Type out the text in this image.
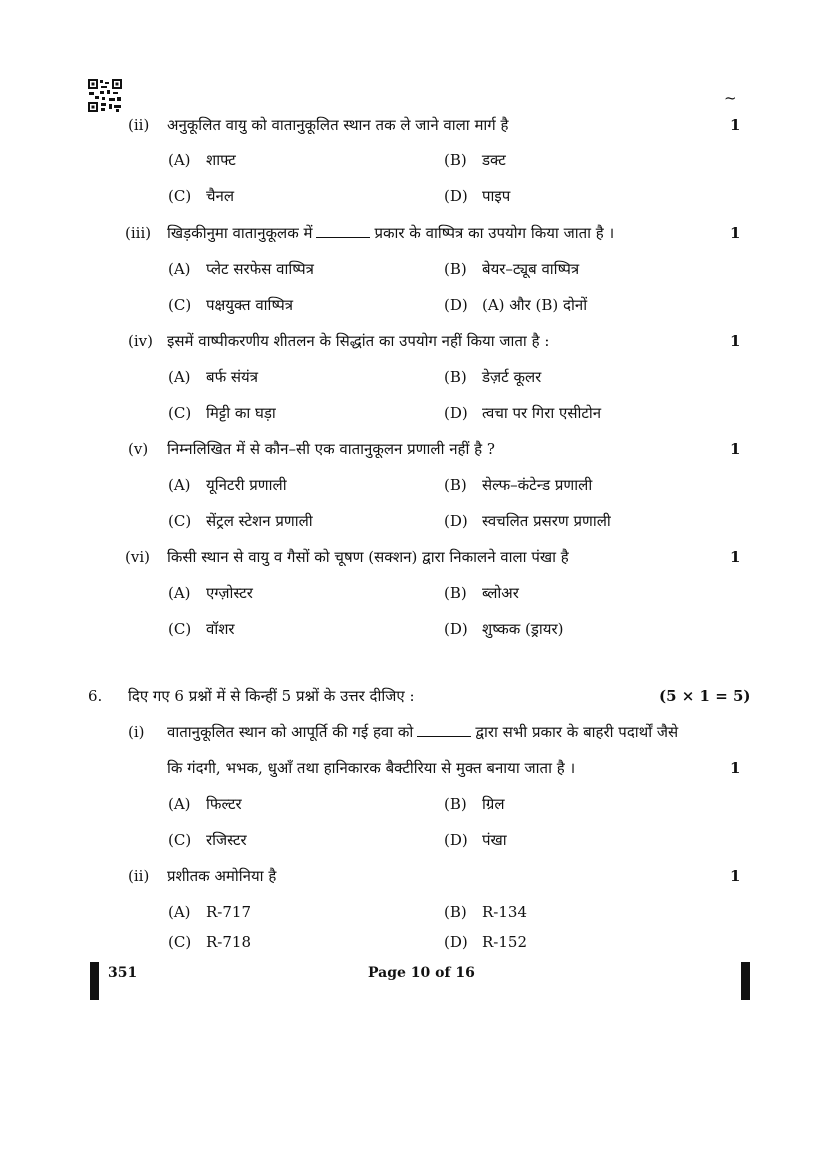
~
(ii) अनुकूलित वायु को वातानुकूलित स्थान तक ले जाने वाला मार्ग है	1
(A) शाफ्ट	(B) डक्ट
(C) चैनल	(D) पाइप
(iii) खिड़कीनुमा वातानुकूलक में	प्रकार के वाष्पित्र का उपयोग किया जाता है ।	1
(A) प्लेट सरफेस वाष्पित्र	(B) बेयर–ट्यूब वाष्पित्र
(C) पक्षयुक्त वाष्पित्र	(D) (A) और (B) दोनों
(iv) इसमें वाष्पीकरणीय शीतलन के सिद्धांत का उपयोग नहीं किया जाता है :	1
(A) बर्फ संयंत्र	(B) डेज़र्ट कूलर
(C) मिट्टी का घड़ा	(D) त्वचा पर गिरा एसीटोन
(v) निम्नलिखित में से कौन–सी एक वातानुकूलन प्रणाली नहीं है ?	1
(A) यूनिटरी प्रणाली	(B) सेल्फ–कंटेन्ड प्रणाली
(C) सेंट्रल स्टेशन प्रणाली	(D) स्वचलित प्रसरण प्रणाली
(vi) किसी स्थान से वायु व गैसों को चूषण (सक्शन) द्वारा निकालने वाला पंखा है	1
(A) एग्ज़ोस्टर	(B) ब्लोअर
(C) वॉशर	(D) शुष्कक (ड्रायर)
6. दिए गए 6 प्रश्नों में से किन्हीं 5 प्रश्नों के उत्तर दीजिए :	(5 × 1 = 5)
(i) वातानुकूलित स्थान को आपूर्ति की गई हवा को	द्वारा सभी प्रकार के बाहरी पदार्थों जैसे
कि गंदगी, भभक, धुआँ तथा हानिकारक बैक्टीरिया से मुक्त बनाया जाता है ।	1
(A) फिल्टर	(B) ग्रिल
(C) रजिस्टर	(D) पंखा
(ii) प्रशीतक अमोनिया है	1
(A) R-717	(B) R-134
(C) R-718	(D) R-152
351	Page 10 of 16
